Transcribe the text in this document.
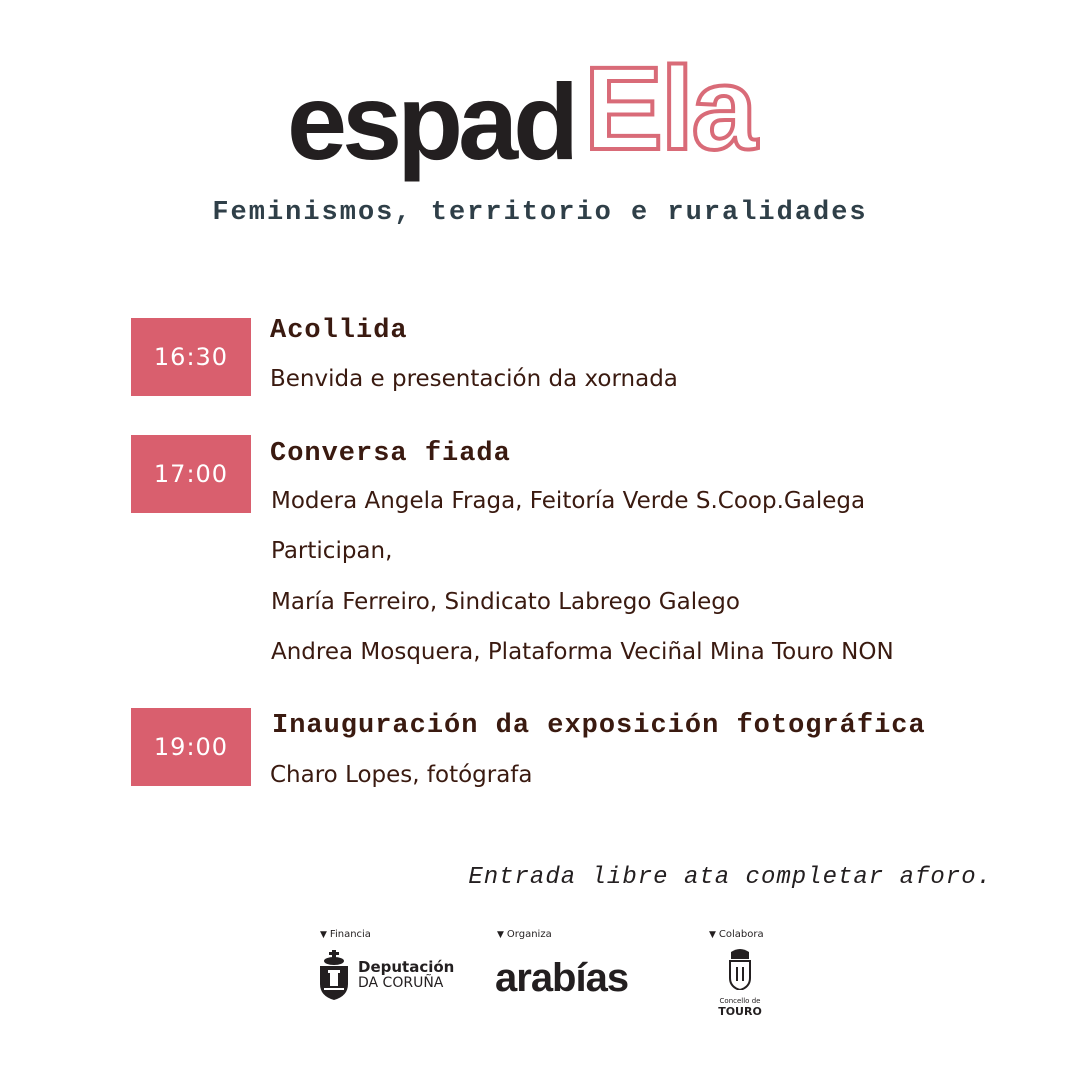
espad Ela
Feminismos, territorio e ruralidades
16:30
Acollida
Benvida e presentación da xornada
17:00
Conversa fiada
Modera Angela Fraga, Feitoría Verde S.Coop.Galega
Participan,
María Ferreiro, Sindicato Labrego Galego
Andrea Mosquera, Plataforma Veciñal Mina Touro NON
19:00
Inauguración da exposición fotográfica
Charo Lopes, fotógrafa
Entrada libre ata completar aforo.
▼ Financia
Deputación
DA CORUÑA
▼ Organiza
arabías
▼ Colabora
Concello de
TOURO
